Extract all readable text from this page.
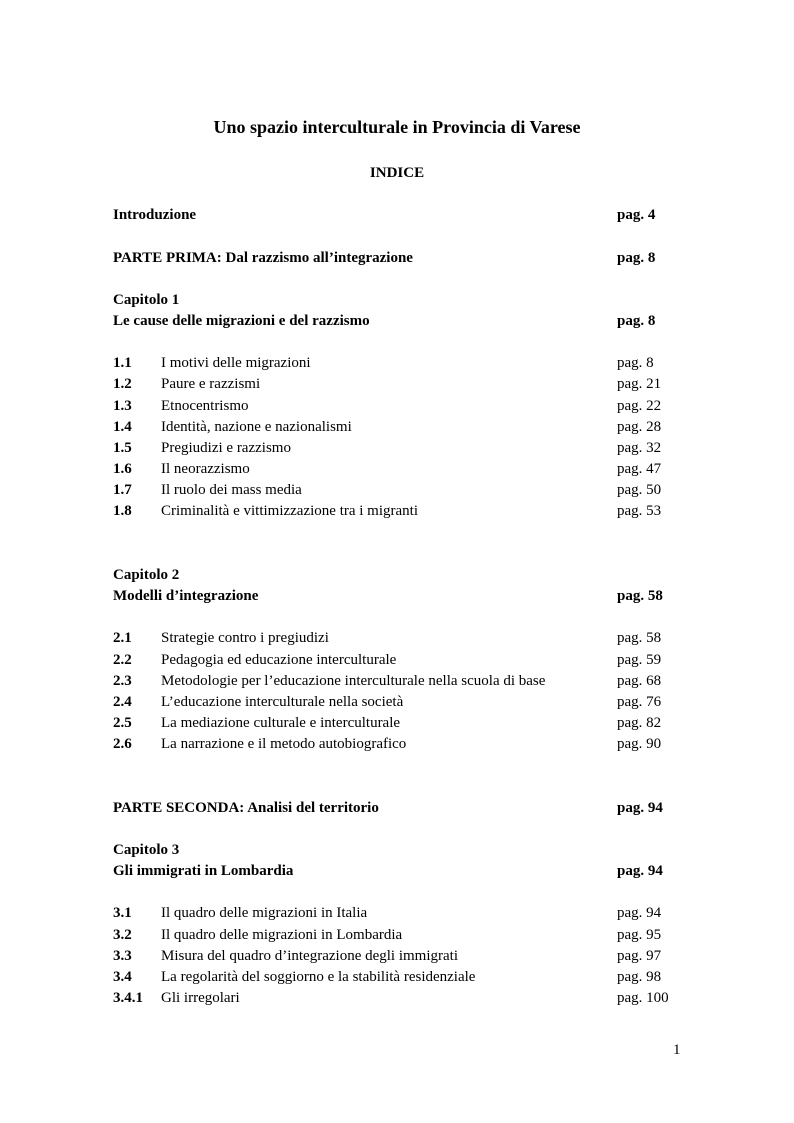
Uno spazio interculturale in Provincia di Varese
INDICE
Introduzione	pag. 4
PARTE PRIMA: Dal razzismo all’integrazione	pag. 8
Capitolo 1
Le cause delle migrazioni e del razzismo	pag. 8
1.1 I motivi delle migrazioni	pag. 8
1.2 Paure e razzismi	pag. 21
1.3 Etnocentrismo	pag. 22
1.4 Identità, nazione e nazionalismi	pag. 28
1.5 Pregiudizi e razzismo	pag. 32
1.6 Il neorazzismo	pag. 47
1.7 Il ruolo dei mass media	pag. 50
1.8 Criminalità e vittimizzazione tra i migranti	pag. 53
Capitolo 2
Modelli d’integrazione	pag. 58
2.1 Strategie contro i pregiudizi	pag. 58
2.2 Pedagogia ed educazione interculturale	pag. 59
2.3 Metodologie per l’educazione interculturale nella scuola di base	pag. 68
2.4 L’educazione interculturale nella società	pag. 76
2.5 La mediazione culturale e interculturale	pag. 82
2.6 La narrazione e il metodo autobiografico	pag. 90
PARTE SECONDA: Analisi del territorio	pag. 94
Capitolo 3
Gli immigrati in Lombardia	pag. 94
3.1 Il quadro delle migrazioni in Italia	pag. 94
3.2 Il quadro delle migrazioni in Lombardia	pag. 95
3.3 Misura del quadro d’integrazione degli immigrati	pag. 97
3.4 La regolarità del soggiorno e la stabilità residenziale	pag. 98
3.4.1 Gli irregolari	pag. 100
1
